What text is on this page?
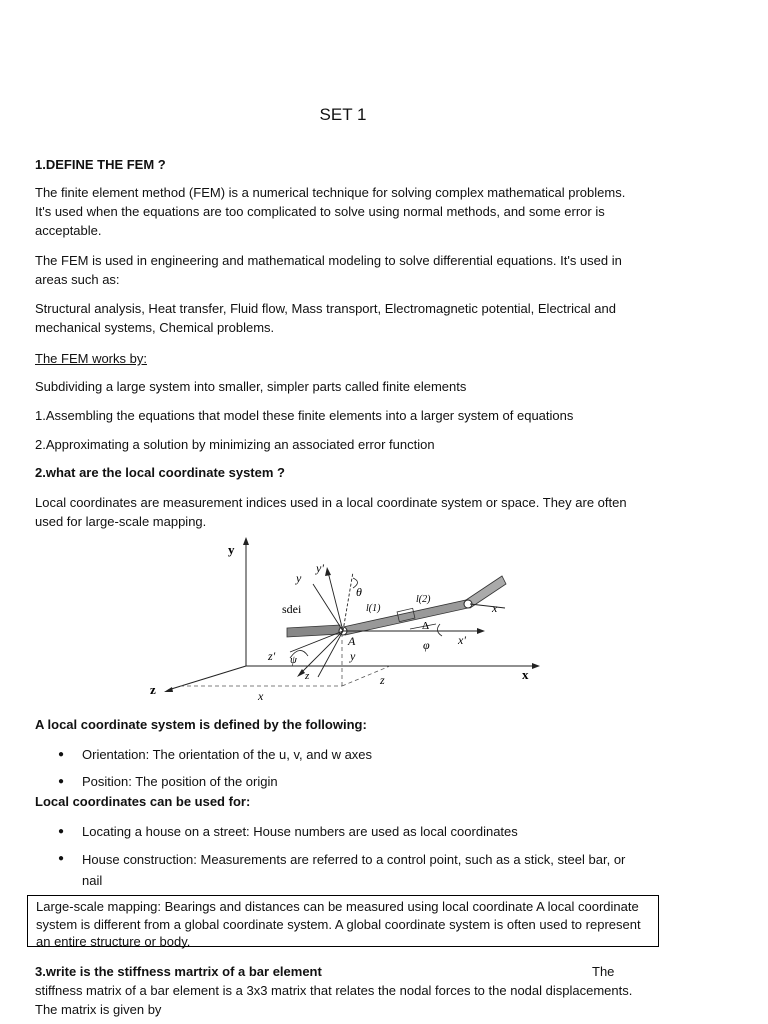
SET 1

1.DEFINE THE FEM ?

The finite element method (FEM) is a numerical technique for solving complex mathematical problems. It's used when the equations are too complicated to solve using normal methods, and some error is acceptable.

The FEM is used in engineering and mathematical modeling to solve differential equations. It's used in areas such as:

Structural analysis, Heat transfer, Fluid flow, Mass transport, Electromagnetic potential, Electrical and mechanical systems, Chemical problems.

The FEM works by:

Subdividing a large system into smaller, simpler parts called finite elements

1.Assembling the equations that model these finite elements into a larger system of equations

2.Approximating a solution by minimizing an associated error function

2.what are the local coordinate system ?

Local coordinates are measurement indices used in a local coordinate system or space. They are often used for large-scale mapping.

y
x
z
y
y'
θ
sdei	l(1)
l(2)
x
Δ
φ x'
A
y
z' ψ
z
x
z

A local coordinate system is defined by the following:

● Orientation: The orientation of the u, v, and w axes

● Position: The position of the origin

Local coordinates can be used for:

● Locating a house on a street: House numbers are used as local coordinates

● House construction: Measurements are referred to a control point, such as a stick, steel bar, or nail

Large-scale mapping: Bearings and distances can be measured using local coordinate A local coordinate system is different from a global coordinate system. A global coordinate system is often used to represent an entire structure or body.

3.write is the stiffness martrix of a bar element	The

stiffness matrix of a bar element is a 3x3 matrix that relates the nodal forces to the nodal displacements. The matrix is given by
